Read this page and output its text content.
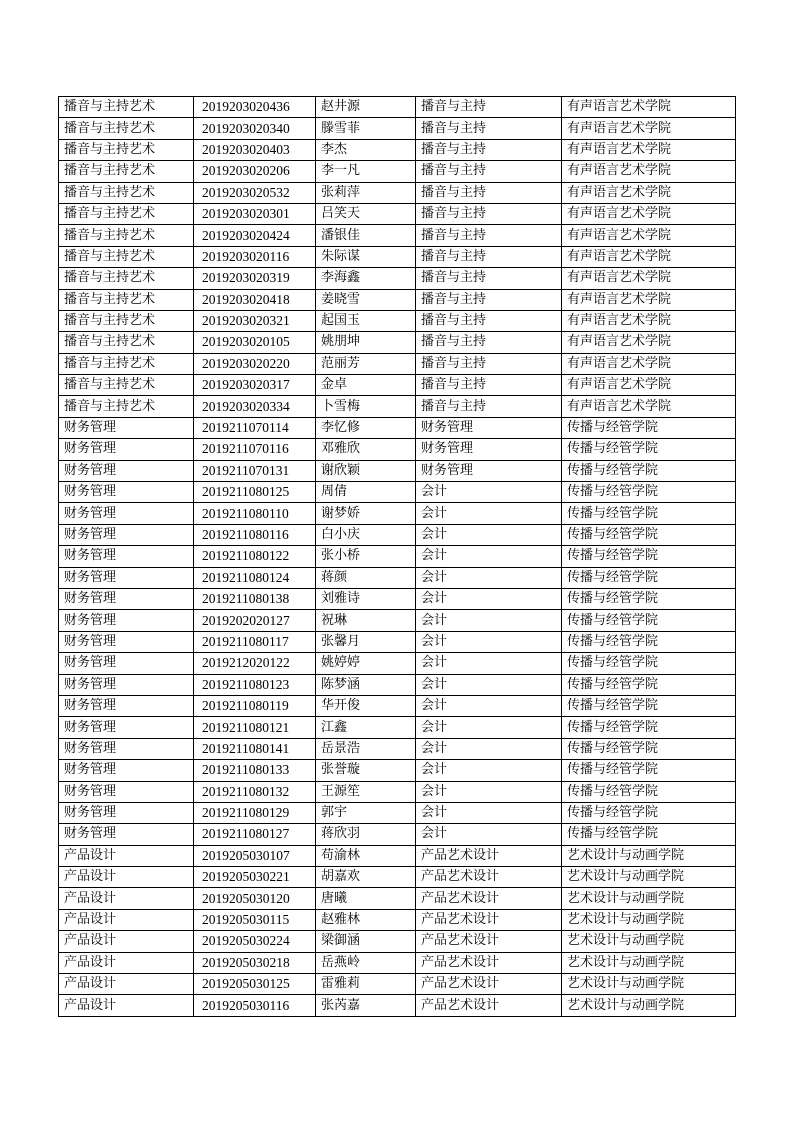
播音与主持艺术	2019203020436	赵井源	播音与主持	有声语言艺术学院
播音与主持艺术	2019203020340	滕雪菲	播音与主持	有声语言艺术学院
播音与主持艺术	2019203020403	李杰	播音与主持	有声语言艺术学院
播音与主持艺术	2019203020206	李一凡	播音与主持	有声语言艺术学院
播音与主持艺术	2019203020532	张莉萍	播音与主持	有声语言艺术学院
播音与主持艺术	2019203020301	吕笑天	播音与主持	有声语言艺术学院
播音与主持艺术	2019203020424	潘银佳	播音与主持	有声语言艺术学院
播音与主持艺术	2019203020116	朱际谋	播音与主持	有声语言艺术学院
播音与主持艺术	2019203020319	李海鑫	播音与主持	有声语言艺术学院
播音与主持艺术	2019203020418	姜晓雪	播音与主持	有声语言艺术学院
播音与主持艺术	2019203020321	起国玉	播音与主持	有声语言艺术学院
播音与主持艺术	2019203020105	姚朋坤	播音与主持	有声语言艺术学院
播音与主持艺术	2019203020220	范丽芳	播音与主持	有声语言艺术学院
播音与主持艺术	2019203020317	金卓	播音与主持	有声语言艺术学院
播音与主持艺术	2019203020334	卜雪梅	播音与主持	有声语言艺术学院
财务管理	2019211070114	李忆修	财务管理	传播与经管学院
财务管理	2019211070116	邓雅欣	财务管理	传播与经管学院
财务管理	2019211070131	谢欣颖	财务管理	传播与经管学院
财务管理	2019211080125	周倩	会计	传播与经管学院
财务管理	2019211080110	谢梦娇	会计	传播与经管学院
财务管理	2019211080116	白小庆	会计	传播与经管学院
财务管理	2019211080122	张小桥	会计	传播与经管学院
财务管理	2019211080124	蒋颜	会计	传播与经管学院
财务管理	2019211080138	刘雅诗	会计	传播与经管学院
财务管理	2019202020127	祝琳	会计	传播与经管学院
财务管理	2019211080117	张馨月	会计	传播与经管学院
财务管理	2019212020122	姚婷婷	会计	传播与经管学院
财务管理	2019211080123	陈梦涵	会计	传播与经管学院
财务管理	2019211080119	华开俊	会计	传播与经管学院
财务管理	2019211080121	江鑫	会计	传播与经管学院
财务管理	2019211080141	岳景浩	会计	传播与经管学院
财务管理	2019211080133	张誉璇	会计	传播与经管学院
财务管理	2019211080132	王源笙	会计	传播与经管学院
财务管理	2019211080129	郭宇	会计	传播与经管学院
财务管理	2019211080127	蒋欣羽	会计	传播与经管学院
产品设计	2019205030107	苟渝林	产品艺术设计	艺术设计与动画学院
产品设计	2019205030221	胡嘉欢	产品艺术设计	艺术设计与动画学院
产品设计	2019205030120	唐曦	产品艺术设计	艺术设计与动画学院
产品设计	2019205030115	赵雅林	产品艺术设计	艺术设计与动画学院
产品设计	2019205030224	梁御涵	产品艺术设计	艺术设计与动画学院
产品设计	2019205030218	岳燕岭	产品艺术设计	艺术设计与动画学院
产品设计	2019205030125	雷雅莉	产品艺术设计	艺术设计与动画学院
产品设计	2019205030116	张芮嘉	产品艺术设计	艺术设计与动画学院
